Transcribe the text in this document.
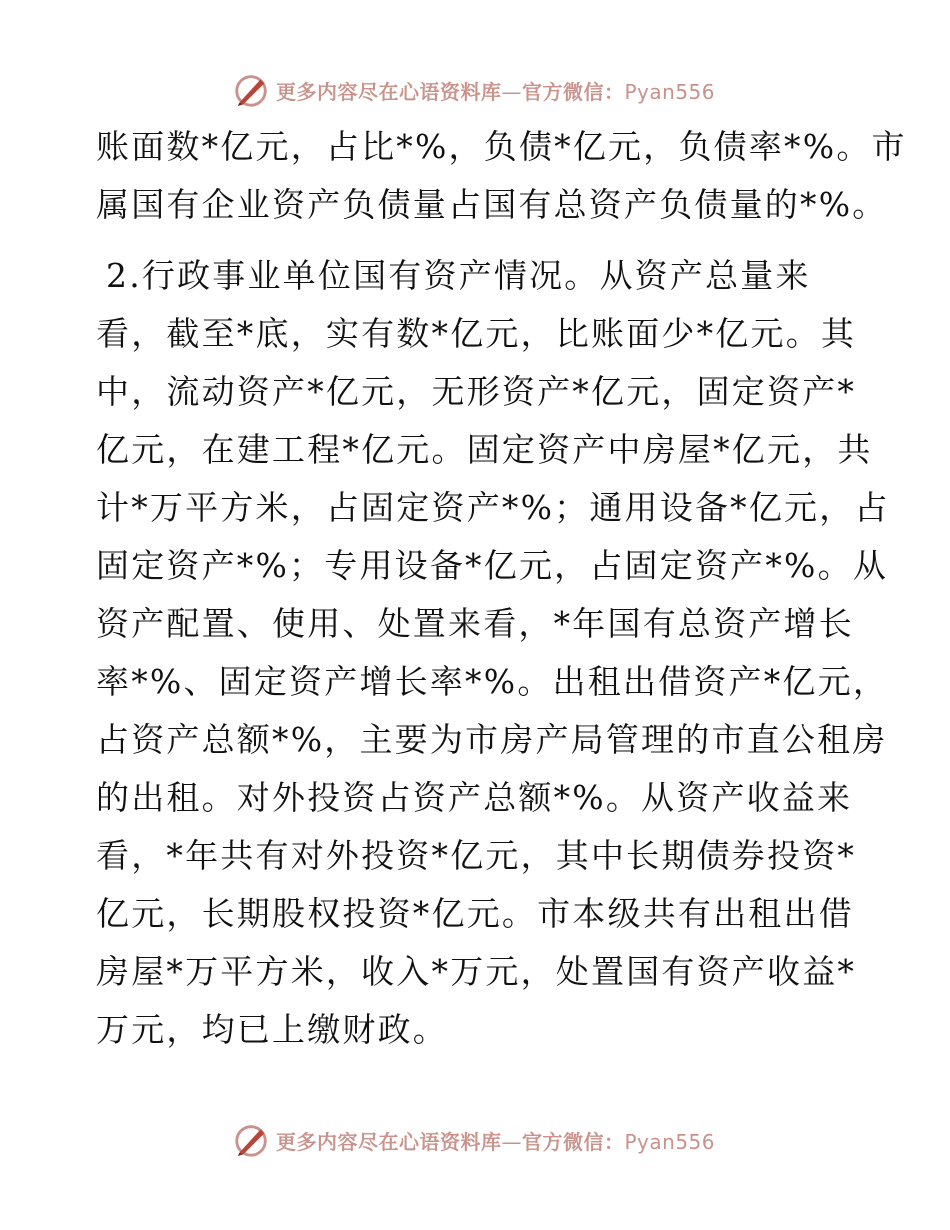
更多内容尽在心语资料库—官方微信：Pyan556
账面数*亿元，占比*%，负债*亿元，负债率*%。市
属国有企业资产负债量占国有总资产负债量的*%。
2.行政事业单位国有资产情况。从资产总量来
看，截至*底，实有数*亿元，比账面少*亿元。其
中，流动资产*亿元，无形资产*亿元，固定资产*
亿元，在建工程*亿元。固定资产中房屋*亿元，共
计*万平方米，占固定资产*%；通用设备*亿元，占
固定资产*%；专用设备*亿元，占固定资产*%。从
资产配置、使用、处置来看，*年国有总资产增长
率*%、固定资产增长率*%。出租出借资产*亿元，
占资产总额*%，主要为市房产局管理的市直公租房
的出租。对外投资占资产总额*%。从资产收益来
看，*年共有对外投资*亿元，其中长期债券投资*
亿元，长期股权投资*亿元。市本级共有出租出借
房屋*万平方米，收入*万元，处置国有资产收益*
万元，均已上缴财政。
更多内容尽在心语资料库—官方微信：Pyan556
